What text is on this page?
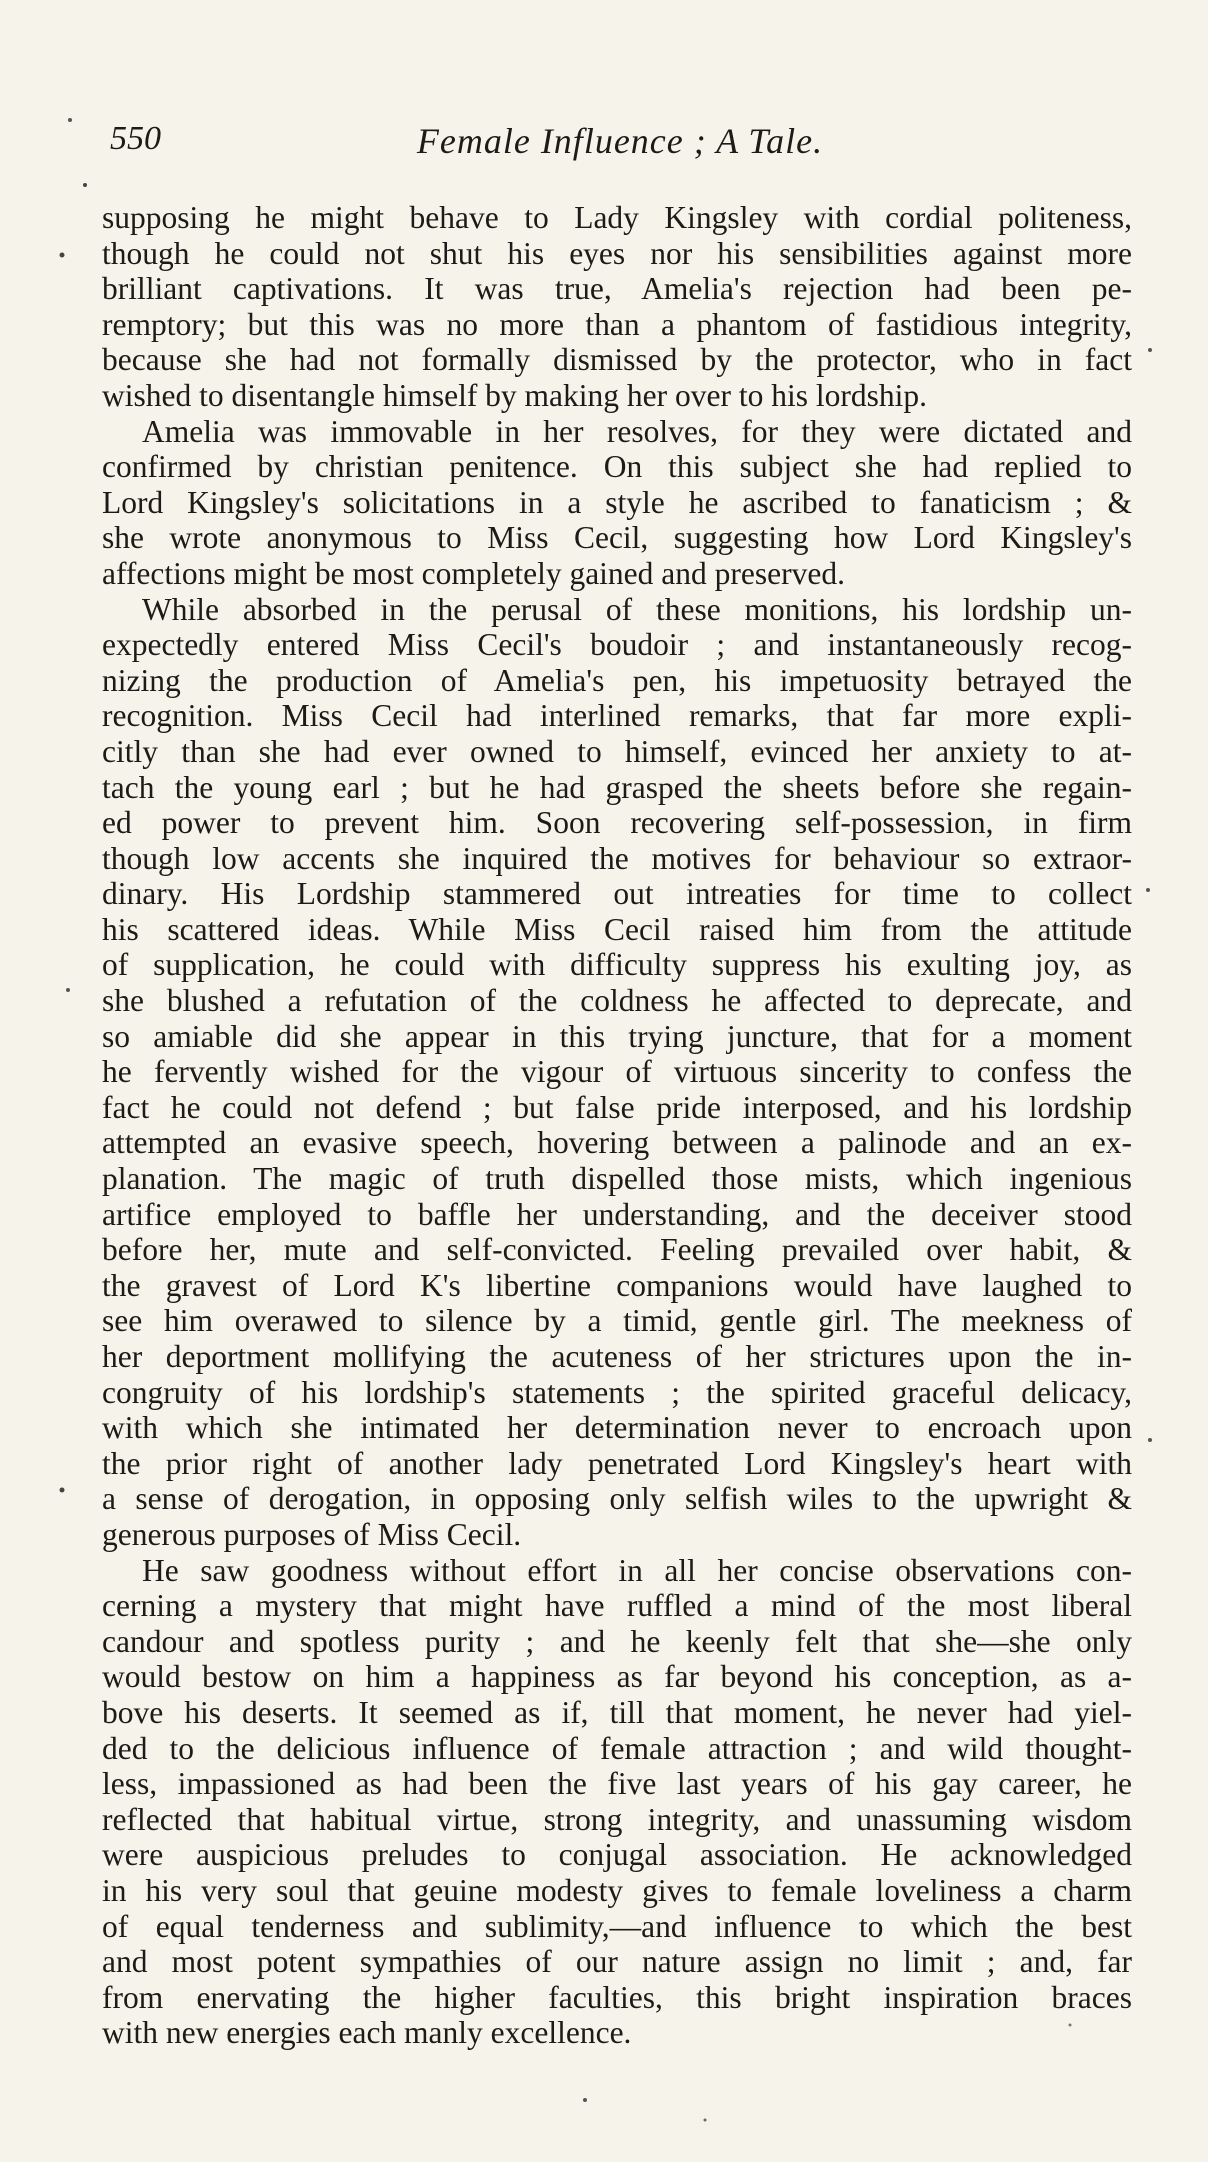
550	Female Influence ; A Tale.
supposing he might behave to Lady Kingsley with cordial politeness,
though he could not shut his eyes nor his sensibilities against more
brilliant captivations. It was true, Amelia's rejection had been pe-
remptory; but this was no more than a phantom of fastidious integrity,
because she had not formally dismissed by the protector, who in fact
wished to disentangle himself by making her over to his lordship.
Amelia was immovable in her resolves, for they were dictated and
confirmed by christian penitence. On this subject she had replied to
Lord Kingsley's solicitations in a style he ascribed to fanaticism ; &
she wrote anonymous to Miss Cecil, suggesting how Lord Kingsley's
affections might be most completely gained and preserved.
While absorbed in the perusal of these monitions, his lordship un-
expectedly entered Miss Cecil's boudoir ; and instantaneously recog-
nizing the production of Amelia's pen, his impetuosity betrayed the
recognition. Miss Cecil had interlined remarks, that far more expli-
citly than she had ever owned to himself, evinced her anxiety to at-
tach the young earl ; but he had grasped the sheets before she regain-
ed power to prevent him. Soon recovering self-possession, in firm
though low accents she inquired the motives for behaviour so extraor-
dinary. His Lordship stammered out intreaties for time to collect
his scattered ideas. While Miss Cecil raised him from the attitude
of supplication, he could with difficulty suppress his exulting joy, as
she blushed a refutation of the coldness he affected to deprecate, and
so amiable did she appear in this trying juncture, that for a moment
he fervently wished for the vigour of virtuous sincerity to confess the
fact he could not defend ; but false pride interposed, and his lordship
attempted an evasive speech, hovering between a palinode and an ex-
planation. The magic of truth dispelled those mists, which ingenious
artifice employed to baffle her understanding, and the deceiver stood
before her, mute and self-convicted. Feeling prevailed over habit, &
the gravest of Lord K's libertine companions would have laughed to
see him overawed to silence by a timid, gentle girl. The meekness of
her deportment mollifying the acuteness of her strictures upon the in-
congruity of his lordship's statements ; the spirited graceful delicacy,
with which she intimated her determination never to encroach upon
the prior right of another lady penetrated Lord Kingsley's heart with
a sense of derogation, in opposing only selfish wiles to the upwright &
generous purposes of Miss Cecil.
He saw goodness without effort in all her concise observations con-
cerning a mystery that might have ruffled a mind of the most liberal
candour and spotless purity ; and he keenly felt that she—she only
would bestow on him a happiness as far beyond his conception, as a-
bove his deserts. It seemed as if, till that moment, he never had yiel-
ded to the delicious influence of female attraction ; and wild thought-
less, impassioned as had been the five last years of his gay career, he
reflected that habitual virtue, strong integrity, and unassuming wisdom
were auspicious preludes to conjugal association. He acknowledged
in his very soul that geuine modesty gives to female loveliness a charm
of equal tenderness and sublimity,—and influence to which the best
and most potent sympathies of our nature assign no limit ; and, far
from enervating the higher faculties, this bright inspiration braces
with new energies each manly excellence.
